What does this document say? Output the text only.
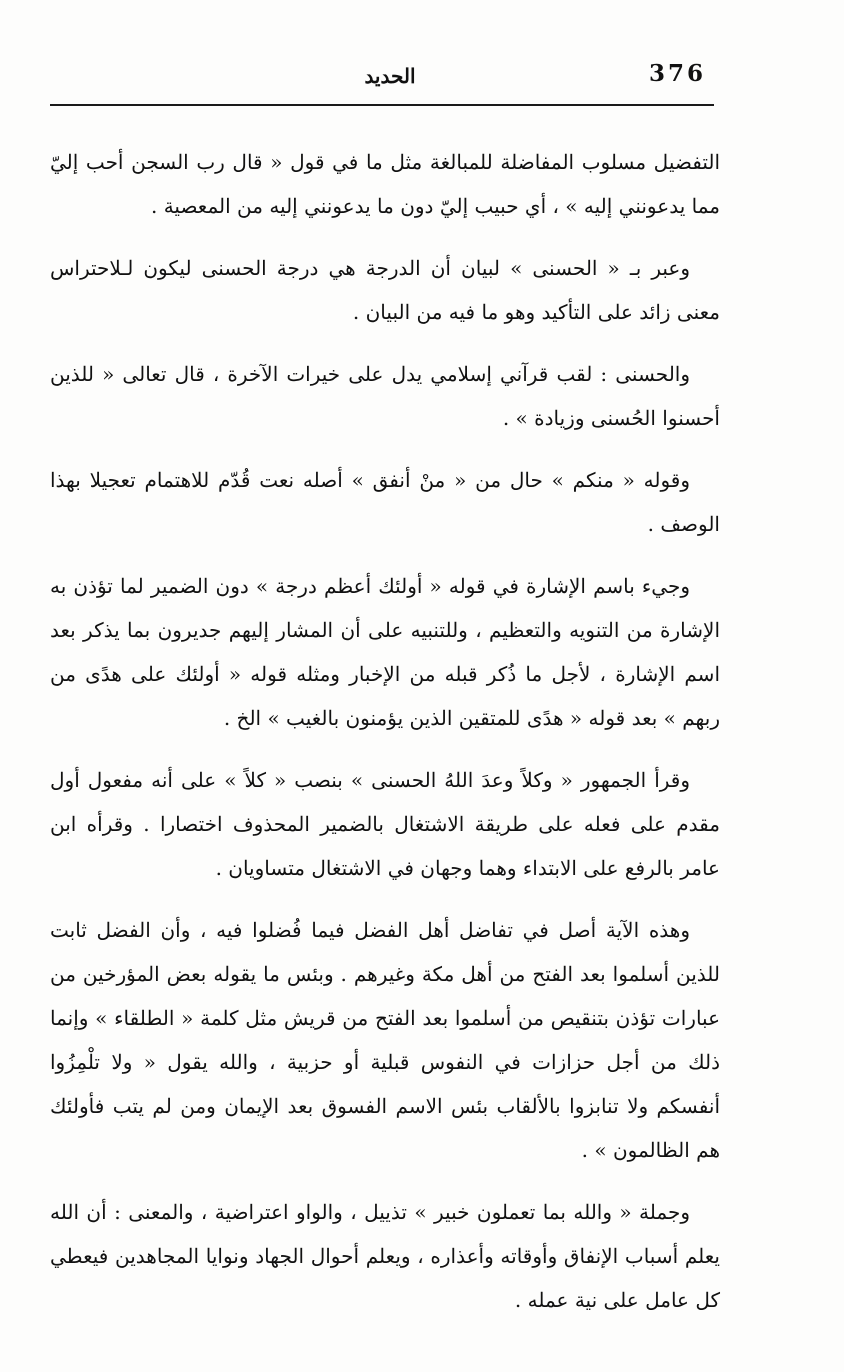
376
الحديد

التفضيل مسلوب المفاضلة للمبالغة مثل ما في قول « قال رب السجن أحب إليّ مما يدعونني إليه » ، أي حبيب إليّ دون ما يدعونني إليه من المعصية .

وعبر بـ « الحسنى » لبيان أن الدرجة هي درجة الحسنى ليكون لـلاحتراس معنى زائد على التأكيد وهو ما فيه من البيان .

والحسنى : لقب قرآني إسلامي يدل على خيرات الآخرة ، قال تعالى « للذين أحسنوا الحُسنى وزيادة » .

وقوله « منكم » حال من « منْ أنفق » أصله نعت قُدّم للاهتمام تعجيلا بهذا الوصف .

وجيء باسم الإشارة في قوله « أولئك أعظم درجة » دون الضمير لما تؤذن به الإشارة من التنويه والتعظيم ، وللتنبيه على أن المشار إليهم جديرون بما يذكر بعد اسم الإشارة ، لأجل ما ذُكر قبله من الإخبار ومثله قوله « أولئك على هدًى من ربهم » بعد قوله « هدًى للمتقين الذين يؤمنون بالغيب » الخ .

وقرأ الجمهور « وكلاً وعدَ اللهُ الحسنى » بنصب « كلاً » على أنه مفعول أول مقدم على فعله على طريقة الاشتغال بالضمير المحذوف اختصارا . وقرأه ابن عامر بالرفع على الابتداء وهما وجهان في الاشتغال متساويان .

وهذه الآية أصل في تفاضل أهل الفضل فيما فُضلوا فيه ، وأن الفضل ثابت للذين أسلموا بعد الفتح من أهل مكة وغيرهم . وبئس ما يقوله بعض المؤرخين من عبارات تؤذن بتنقيص من أسلموا بعد الفتح من قريش مثل كلمة « الطلقاء » وإنما ذلك من أجل حزازات في النفوس قبلية أو حزبية ، والله يقول « ولا تلْمِزُوا أنفسكم ولا تنابزوا بالألقاب بئس الاسم الفسوق بعد الإيمان ومن لم يتب فأولئك هم الظالمون » .

وجملة « والله بما تعملون خبير » تذييل ، والواو اعتراضية ، والمعنى : أن الله يعلم أسباب الإنفاق وأوقاته وأعذاره ، ويعلم أحوال الجهاد ونوايا المجاهدين فيعطي كل عامل على نية عمله .
